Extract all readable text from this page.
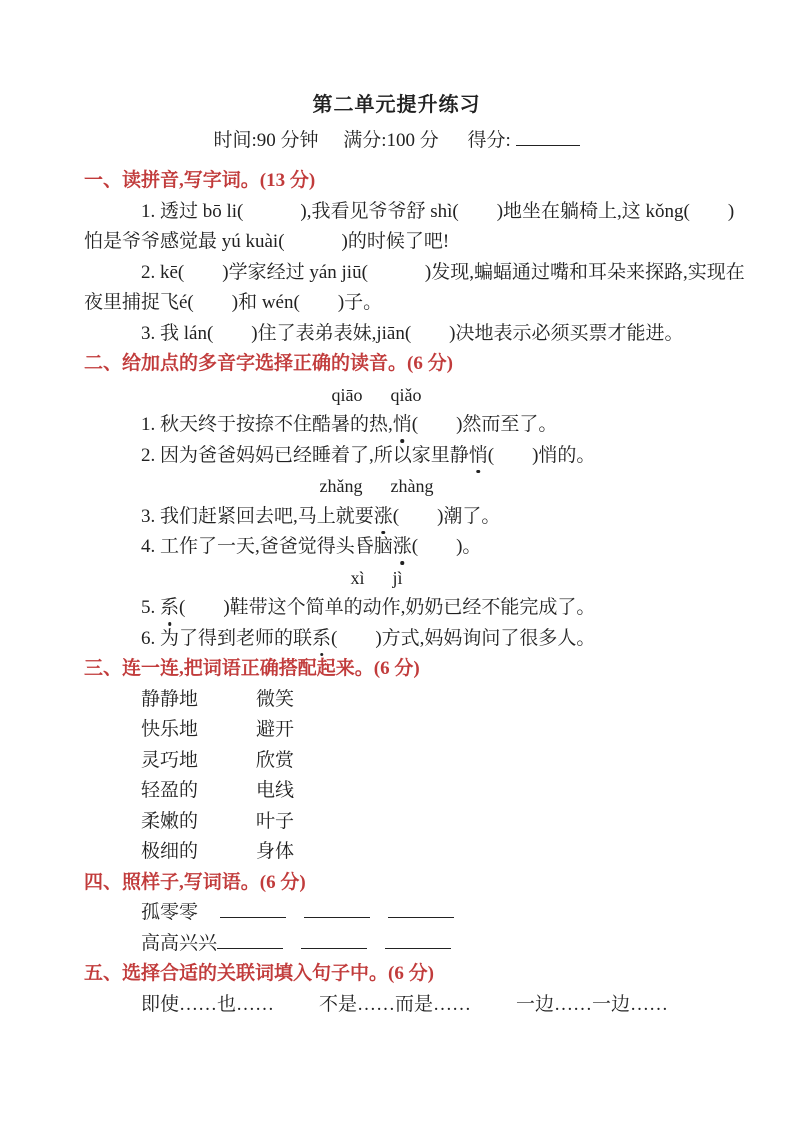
第二单元提升练习
时间:90 分钟 满分:100 分 得分:
一、读拼音,写字词。(13 分)
1. 透过 bō li(　　　),我看见爷爷舒 shì(　　)地坐在躺椅上,这 kǒng(　　)
怕是爷爷感觉最 yú kuài(　　　)的时候了吧!
2. kē(　　)学家经过 yán jiū(　　　)发现,蝙蝠通过嘴和耳朵来探路,实现在
夜里捕捉飞é(　　)和 wén(　　)子。
3. 我 lán(　　)住了表弟表妹,jiān(　　)决地表示必须买票才能进。
二、给加点的多音字选择正确的读音。(6 分)
qiāo qiǎo
1. 秋天终于按捺不住酷暑的热,悄(　　)然而至了。
2. 因为爸爸妈妈已经睡着了,所以家里静悄(　　)悄的。
zhǎng zhàng
3. 我们赶紧回去吧,马上就要涨(　　)潮了。
4. 工作了一天,爸爸觉得头昏脑涨(　　)。
xì jì
5. 系(　　)鞋带这个简单的动作,奶奶已经不能完成了。
6. 为了得到老师的联系(　　)方式,妈妈询问了很多人。
三、连一连,把词语正确搭配起来。(6 分)
静静地	微笑
快乐地	避开
灵巧地	欣赏
轻盈的	电线
柔嫩的	叶子
极细的	身体
四、照样子,写词语。(6 分)
孤零零
高高兴兴
五、选择合适的关联词填入句子中。(6 分)
即使……也…… 不是……而是…… 一边……一边……
